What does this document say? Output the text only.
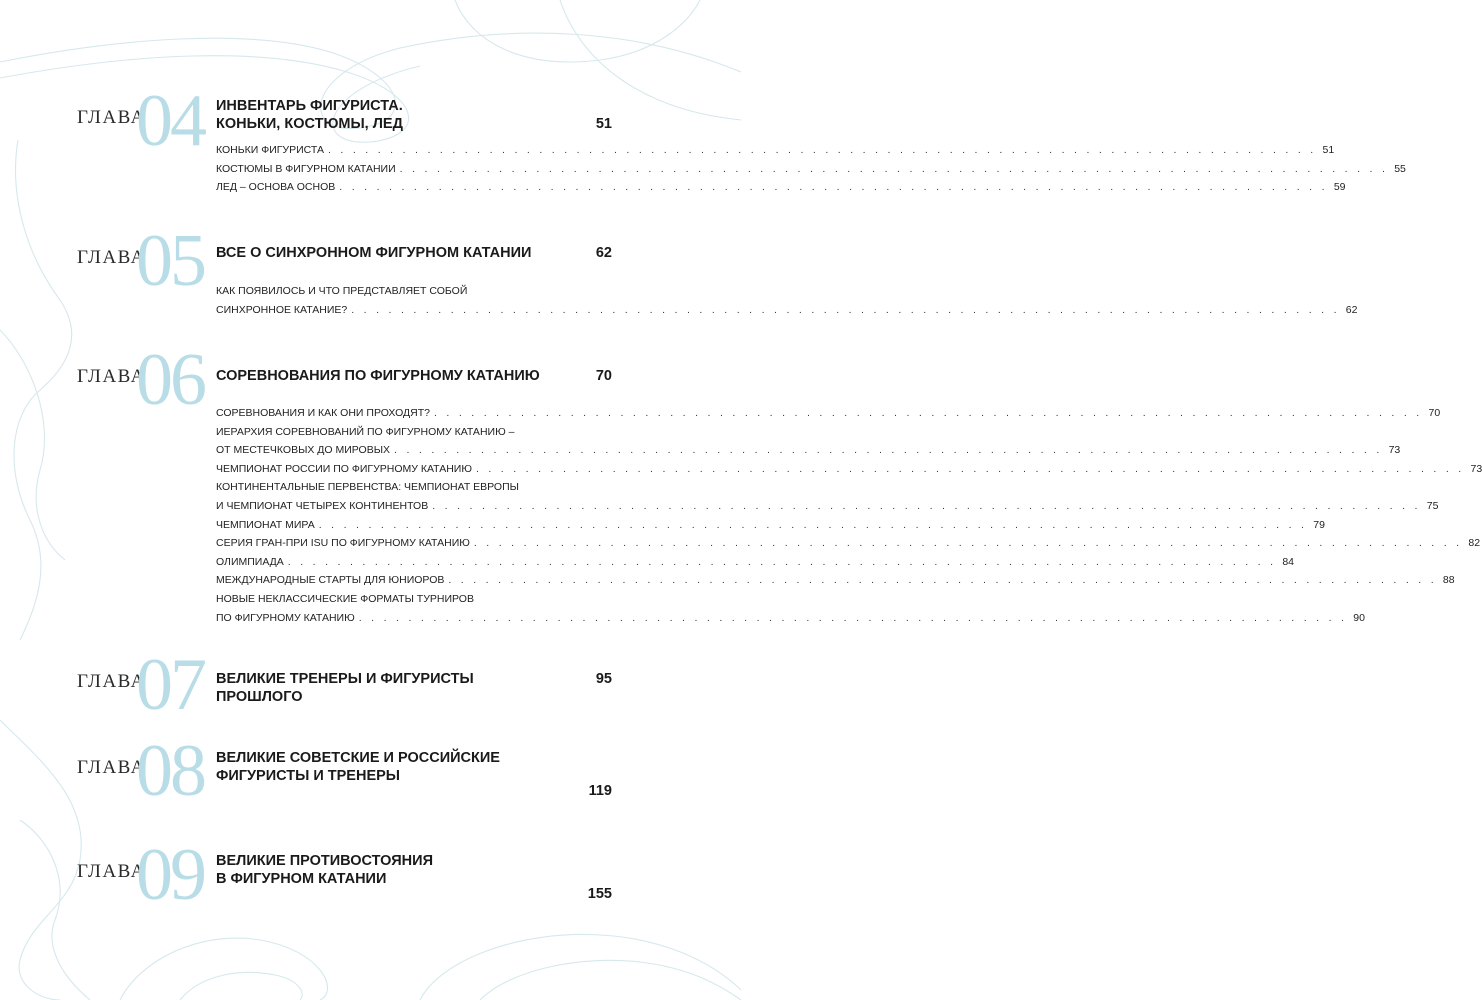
ГЛАВА
04 ИНВЕНТАРЬ ФИГУРИСТА.
КОНЬКИ, КОСТЮМЫ, ЛЕД	51
КОНЬКИ ФИГУРИСТА . . . . . . . . . . . . . . . . . . . . . . . . . . . . . . . . . . . . . . . . . . . . . . . . . . . . . . . . . . . . . . . . . . . . . . . . . . . . . . . . 51
КОСТЮМЫ В ФИГУРНОМ КАТАНИИ . . . . . . . . . . . . . . . . . . . . . . . . . . . . . . . . . . . . . . . . . . . . . . . . . . . . . . . . . . . . . . . . . . . . . . . . . . . . . . . . 55
ЛЕД – ОСНОВА ОСНОВ . . . . . . . . . . . . . . . . . . . . . . . . . . . . . . . . . . . . . . . . . . . . . . . . . . . . . . . . . . . . . . . . . . . . . . . . . . . . . . . . 59
ГЛАВА
05 ВСЕ О СИНХРОННОМ ФИГУРНОМ КАТАНИИ	62
КАК ПОЯВИЛОСЬ И ЧТО ПРЕДСТАВЛЯЕТ СОБОЙ
СИНХРОННОЕ КАТАНИЕ? . . . . . . . . . . . . . . . . . . . . . . . . . . . . . . . . . . . . . . . . . . . . . . . . . . . . . . . . . . . . . . . . . . . . . . . . . . . . . . . . 62
ГЛАВА
06 СОРЕВНОВАНИЯ ПО ФИГУРНОМУ КАТАНИЮ	70
СОРЕВНОВАНИЯ И КАК ОНИ ПРОХОДЯТ? . . . . . . . . . . . . . . . . . . . . . . . . . . . . . . . . . . . . . . . . . . . . . . . . . . . . . . . . . . . . . . . . . . . . . . . . . . . . . . . . 70
ИЕРАРХИЯ СОРЕВНОВАНИЙ ПО ФИГУРНОМУ КАТАНИЮ –
ОТ МЕСТЕЧКОВЫХ ДО МИРОВЫХ . . . . . . . . . . . . . . . . . . . . . . . . . . . . . . . . . . . . . . . . . . . . . . . . . . . . . . . . . . . . . . . . . . . . . . . . . . . . . . . . 73
ЧЕМПИОНАТ РОССИИ ПО ФИГУРНОМУ КАТАНИЮ . . . . . . . . . . . . . . . . . . . . . . . . . . . . . . . . . . . . . . . . . . . . . . . . . . . . . . . . . . . . . . . . . . . . . . . . . . . . . . . . 73
КОНТИНЕНТАЛЬНЫЕ ПЕРВЕНСТВА: ЧЕМПИОНАТ ЕВРОПЫ
И ЧЕМПИОНАТ ЧЕТЫРЕХ КОНТИНЕНТОВ . . . . . . . . . . . . . . . . . . . . . . . . . . . . . . . . . . . . . . . . . . . . . . . . . . . . . . . . . . . . . . . . . . . . . . . . . . . . . . . . 75
ЧЕМПИОНАТ МИРА . . . . . . . . . . . . . . . . . . . . . . . . . . . . . . . . . . . . . . . . . . . . . . . . . . . . . . . . . . . . . . . . . . . . . . . . . . . . . . . . 79
СЕРИЯ ГРАН-ПРИ ISU ПО ФИГУРНОМУ КАТАНИЮ . . . . . . . . . . . . . . . . . . . . . . . . . . . . . . . . . . . . . . . . . . . . . . . . . . . . . . . . . . . . . . . . . . . . . . . . . . . . . . . . 82
ОЛИМПИАДА . . . . . . . . . . . . . . . . . . . . . . . . . . . . . . . . . . . . . . . . . . . . . . . . . . . . . . . . . . . . . . . . . . . . . . . . . . . . . . . . 84
МЕЖДУНАРОДНЫЕ СТАРТЫ ДЛЯ ЮНИОРОВ . . . . . . . . . . . . . . . . . . . . . . . . . . . . . . . . . . . . . . . . . . . . . . . . . . . . . . . . . . . . . . . . . . . . . . . . . . . . . . . . 88
НОВЫЕ НЕКЛАССИЧЕСКИЕ ФОРМАТЫ ТУРНИРОВ
ПО ФИГУРНОМУ КАТАНИЮ . . . . . . . . . . . . . . . . . . . . . . . . . . . . . . . . . . . . . . . . . . . . . . . . . . . . . . . . . . . . . . . . . . . . . . . . . . . . . . . . 90
ГЛАВА
07 ВЕЛИКИЕ ТРЕНЕРЫ И ФИГУРИСТЫ ПРОШЛОГО
95
ГЛАВА
08 ВЕЛИКИЕ СОВЕТСКИЕ И РОССИЙСКИЕ
ФИГУРИСТЫ И ТРЕНЕРЫ
119
ГЛАВА
09 ВЕЛИКИЕ ПРОТИВОСТОЯНИЯ
В ФИГУРНОМ КАТАНИИ
155
